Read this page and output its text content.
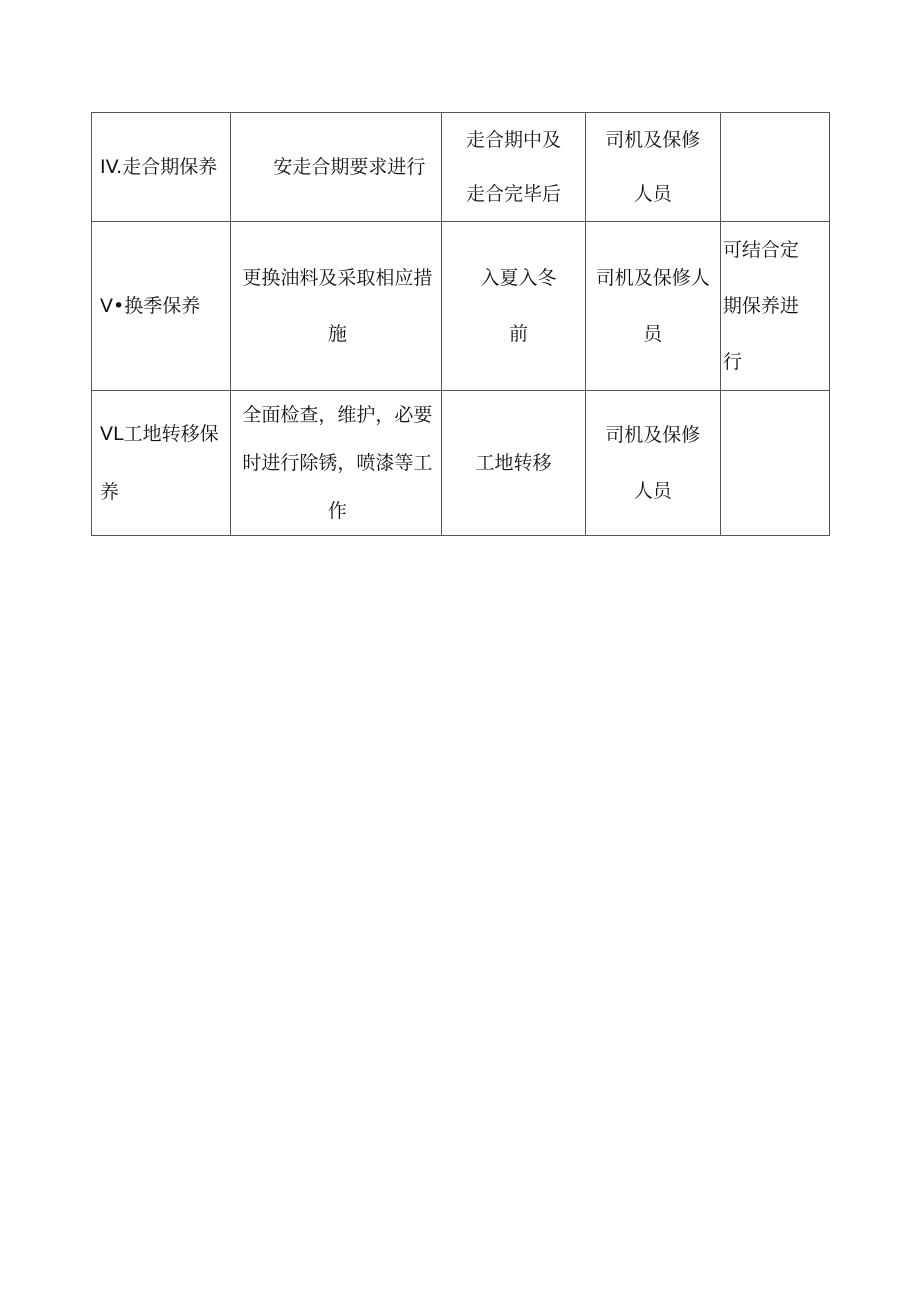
IV.走合期保养	安走合期要求进行	走合期中及走合完毕后	司机及保修人员	

V•换季保养	更换油料及采取相应措施	入夏入冬前	司机及保修人员	可结合定期保养进行

VL工地转移保养	全面检查，维护，必要时进行除锈，喷漆等工作	工地转移	司机及保修人员	
